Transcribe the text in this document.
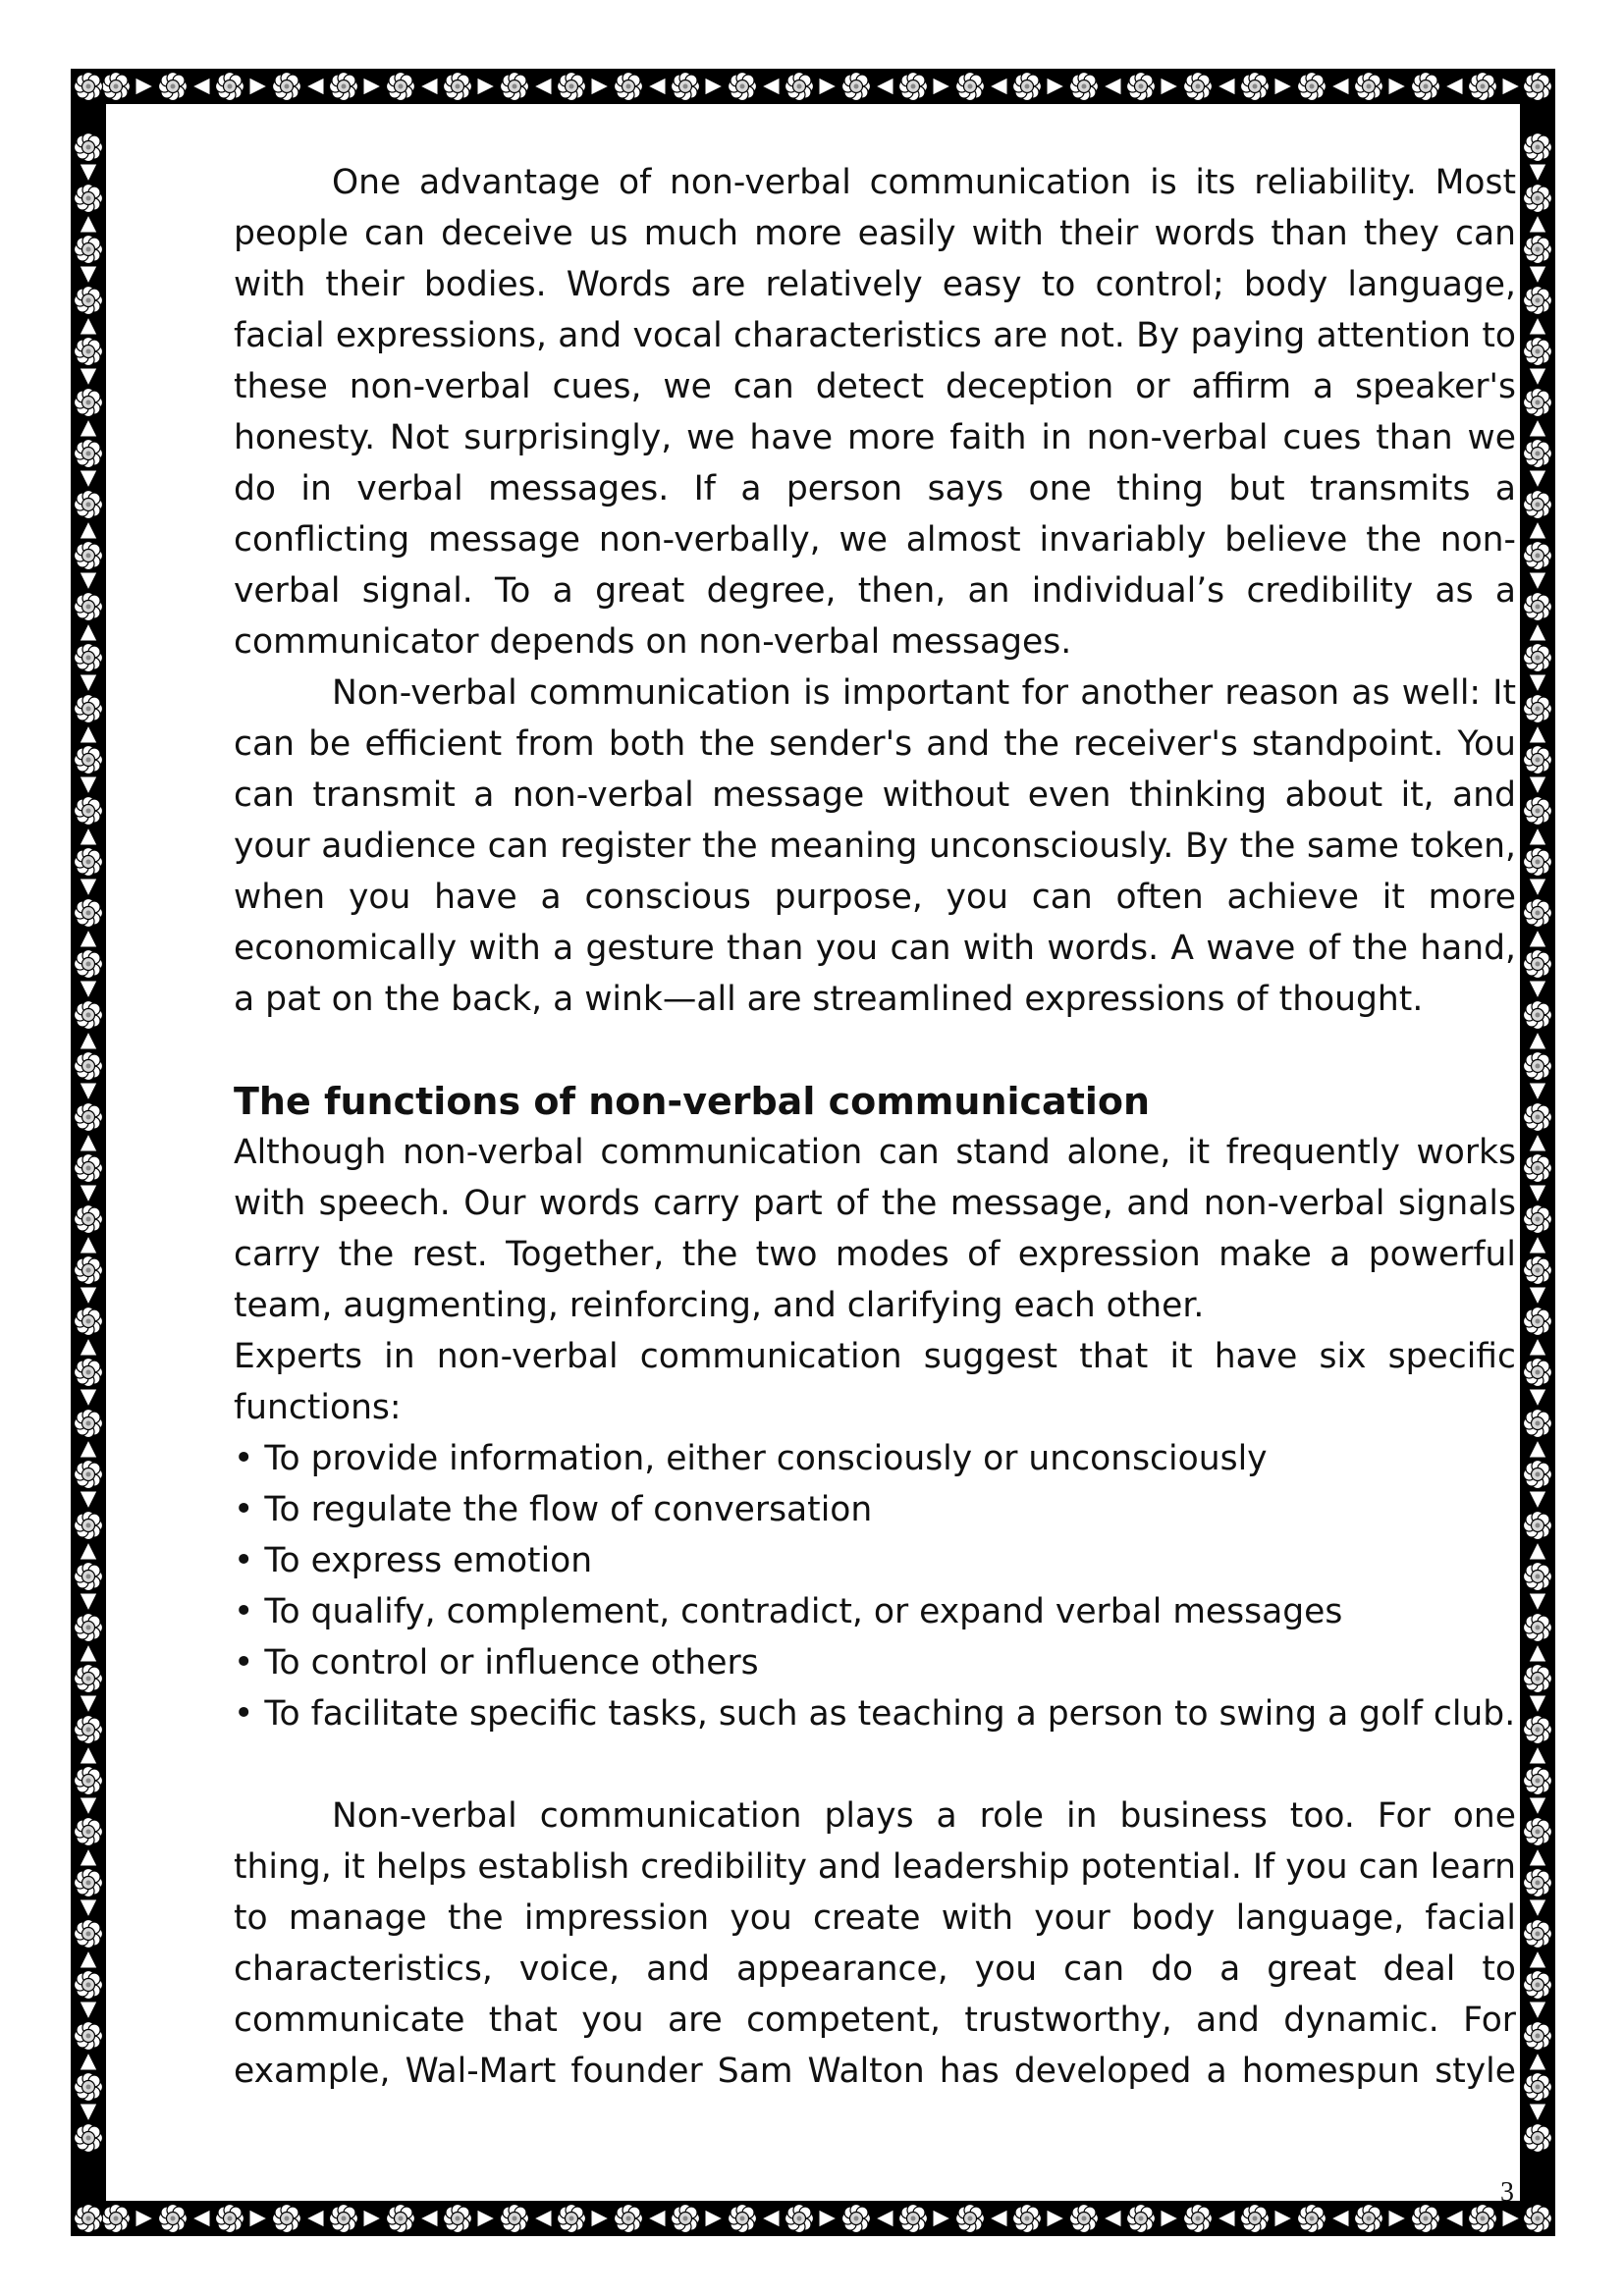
One advantage of non-verbal communication is its reliability. Most people can deceive us much more easily with their words than they can with their bodies. Words are relatively easy to control; body language, facial expressions, and vocal characteristics are not. By paying attention to these non-verbal cues, we can detect deception or affirm a speaker's honesty. Not surprisingly, we have more faith in non-verbal cues than we do in verbal messages. If a person says one thing but transmits a conflicting message non-verbally, we almost invariably believe the non-verbal signal. To a great degree, then, an individual’s credibility as a communicator depends on non-verbal messages.

Non-verbal communication is important for another reason as well: It can be efficient from both the sender's and the receiver's standpoint. You can transmit a non-verbal message without even thinking about it, and your audience can register the meaning unconsciously. By the same token, when you have a conscious purpose, you can often achieve it more economically with a gesture than you can with words. A wave of the hand, a pat on the back, a wink—all are streamlined expressions of thought.

The functions of non-verbal communication

Although non-verbal communication can stand alone, it frequently works with speech. Our words carry part of the message, and non-verbal signals carry the rest. Together, the two modes of expression make a powerful team, augmenting, reinforcing, and clarifying each other.

Experts in non-verbal communication suggest that it have six specific functions:

• To provide information, either consciously or unconsciously
• To regulate the flow of conversation
• To express emotion
• To qualify, complement, contradict, or expand verbal messages
• To control or influence others
• To facilitate specific tasks, such as teaching a person to swing a golf club.

Non-verbal communication plays a role in business too. For one thing, it helps establish credibility and leadership potential. If you can learn to manage the impression you create with your body language, facial characteristics, voice, and appearance, you can do a great deal to communicate that you are competent, trustworthy, and dynamic. For example, Wal-Mart founder Sam Walton has developed a homespun style

3
